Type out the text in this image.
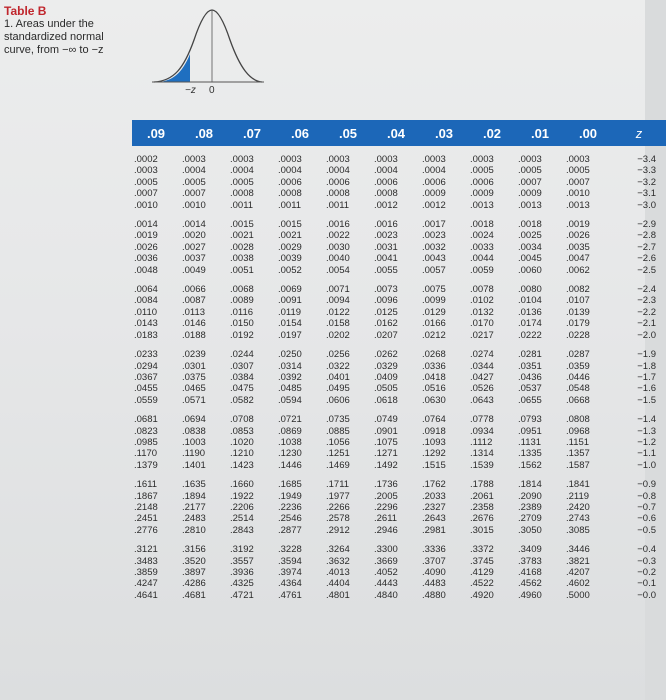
Table B
1. Areas under the
standardized normal
curve, from −∞ to −z
−z 0
.09	.08	.07	.06	.05	.04	.03	.02	.01	.00	z
.0002	.0003	.0003	.0003	.0003	.0003	.0003	.0003	.0003	.0003	−3.4
.0003	.0004	.0004	.0004	.0004	.0004	.0004	.0005	.0005	.0005	−3.3
.0005	.0005	.0005	.0006	.0006	.0006	.0006	.0006	.0007	.0007	−3.2
.0007	.0007	.0008	.0008	.0008	.0008	.0009	.0009	.0009	.0010	−3.1
.0010	.0010	.0011	.0011	.0011	.0012	.0012	.0013	.0013	.0013	−3.0
.0014	.0014	.0015	.0015	.0016	.0016	.0017	.0018	.0018	.0019	−2.9
.0019	.0020	.0021	.0021	.0022	.0023	.0023	.0024	.0025	.0026	−2.8
.0026	.0027	.0028	.0029	.0030	.0031	.0032	.0033	.0034	.0035	−2.7
.0036	.0037	.0038	.0039	.0040	.0041	.0043	.0044	.0045	.0047	−2.6
.0048	.0049	.0051	.0052	.0054	.0055	.0057	.0059	.0060	.0062	−2.5
.0064	.0066	.0068	.0069	.0071	.0073	.0075	.0078	.0080	.0082	−2.4
.0084	.0087	.0089	.0091	.0094	.0096	.0099	.0102	.0104	.0107	−2.3
.0110	.0113	.0116	.0119	.0122	.0125	.0129	.0132	.0136	.0139	−2.2
.0143	.0146	.0150	.0154	.0158	.0162	.0166	.0170	.0174	.0179	−2.1
.0183	.0188	.0192	.0197	.0202	.0207	.0212	.0217	.0222	.0228	−2.0
.0233	.0239	.0244	.0250	.0256	.0262	.0268	.0274	.0281	.0287	−1.9
.0294	.0301	.0307	.0314	.0322	.0329	.0336	.0344	.0351	.0359	−1.8
.0367	.0375	.0384	.0392	.0401	.0409	.0418	.0427	.0436	.0446	−1.7
.0455	.0465	.0475	.0485	.0495	.0505	.0516	.0526	.0537	.0548	−1.6
.0559	.0571	.0582	.0594	.0606	.0618	.0630	.0643	.0655	.0668	−1.5
.0681	.0694	.0708	.0721	.0735	.0749	.0764	.0778	.0793	.0808	−1.4
.0823	.0838	.0853	.0869	.0885	.0901	.0918	.0934	.0951	.0968	−1.3
.0985	.1003	.1020	.1038	.1056	.1075	.1093	.1112	.1131	.1151	−1.2
.1170	.1190	.1210	.1230	.1251	.1271	.1292	.1314	.1335	.1357	−1.1
.1379	.1401	.1423	.1446	.1469	.1492	.1515	.1539	.1562	.1587	−1.0
.1611	.1635	.1660	.1685	.1711	.1736	.1762	.1788	.1814	.1841	−0.9
.1867	.1894	.1922	.1949	.1977	.2005	.2033	.2061	.2090	.2119	−0.8
.2148	.2177	.2206	.2236	.2266	.2296	.2327	.2358	.2389	.2420	−0.7
.2451	.2483	.2514	.2546	.2578	.2611	.2643	.2676	.2709	.2743	−0.6
.2776	.2810	.2843	.2877	.2912	.2946	.2981	.3015	.3050	.3085	−0.5
.3121	.3156	.3192	.3228	.3264	.3300	.3336	.3372	.3409	.3446	−0.4
.3483	.3520	.3557	.3594	.3632	.3669	.3707	.3745	.3783	.3821	−0.3
.3859	.3897	.3936	.3974	.4013	.4052	.4090	.4129	.4168	.4207	−0.2
.4247	.4286	.4325	.4364	.4404	.4443	.4483	.4522	.4562	.4602	−0.1
.4641	.4681	.4721	.4761	.4801	.4840	.4880	.4920	.4960	.5000	−0.0
